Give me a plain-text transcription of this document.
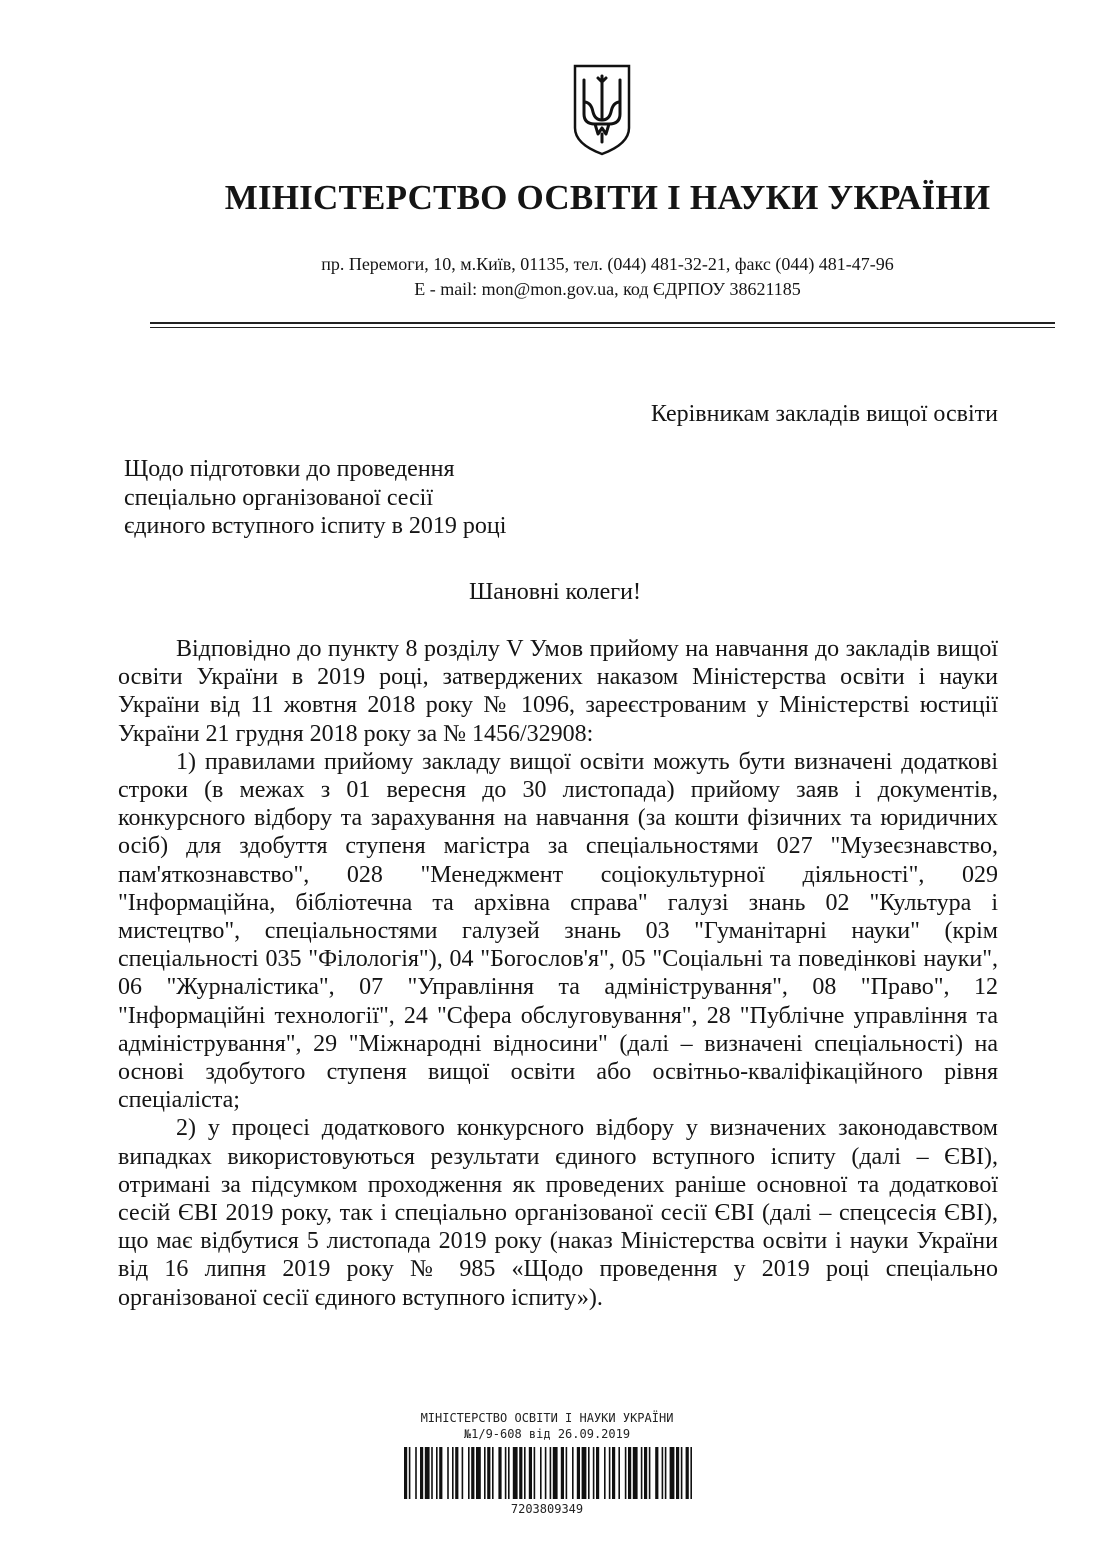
МІНІСТЕРСТВО ОСВІТИ І НАУКИ УКРАЇНИ
пр. Перемоги, 10, м.Київ, 01135, тел. (044) 481-32-21, факс (044) 481-47-96
E - mail: mon@mon.gov.ua, код ЄДРПОУ 38621185
Керівникам закладів вищої освіти
Щодо підготовки до проведення
спеціально організованої сесії
єдиного вступного іспиту в 2019 році
Шановні колеги!

Відповідно до пункту 8 розділу V Умов прийому на навчання до закладів вищої освіти України в 2019 році, затверджених наказом Міністерства освіти і науки України від 11 жовтня 2018 року № 1096, зареєстрованим у Міністерстві юстиції України 21 грудня 2018 року за № 1456/32908:

1) правилами прийому закладу вищої освіти можуть бути визначені додаткові строки (в межах з 01 вересня до 30 листопада) прийому заяв і документів, конкурсного відбору та зарахування на навчання (за кошти фізичних та юридичних осіб) для здобуття ступеня магістра за спеціальностями 027 "Музеєзнавство, пам'яткознавство", 028 "Менеджмент соціокультурної діяльності", 029 "Інформаційна, бібліотечна та архівна справа" галузі знань 02 "Культура і мистецтво", спеціальностями галузей знань 03 "Гуманітарні науки" (крім спеціальності 035 "Філологія"), 04 "Богослов'я", 05 "Соціальні та поведінкові науки", 06 "Журналістика", 07 "Управління та адміністрування", 08 "Право", 12 "Інформаційні технології", 24 "Сфера обслуговування", 28 "Публічне управління та адміністрування", 29 "Міжнародні відносини" (далі – визначені спеціальності) на основі здобутого ступеня вищої освіти або освітньо-кваліфікаційного рівня спеціаліста;

2) у процесі додаткового конкурсного відбору у визначених законодавством випадках використовуються результати єдиного вступного іспиту (далі – ЄВІ), отримані за підсумком проходження як проведених раніше основної та додаткової сесій ЄВІ 2019 року, так і спеціально організованої сесії ЄВІ (далі – спецсесія ЄВІ), що має відбутися 5 листопада 2019 року (наказ Міністерства освіти і науки України від 16 липня 2019 року № 985 «Щодо проведення у 2019 році спеціально організованої сесії єдиного вступного іспиту»).

МІНІСТЕРСТВО ОСВІТИ І НАУКИ УКРАЇНИ
№1/9-608 від 26.09.2019
7203809349
